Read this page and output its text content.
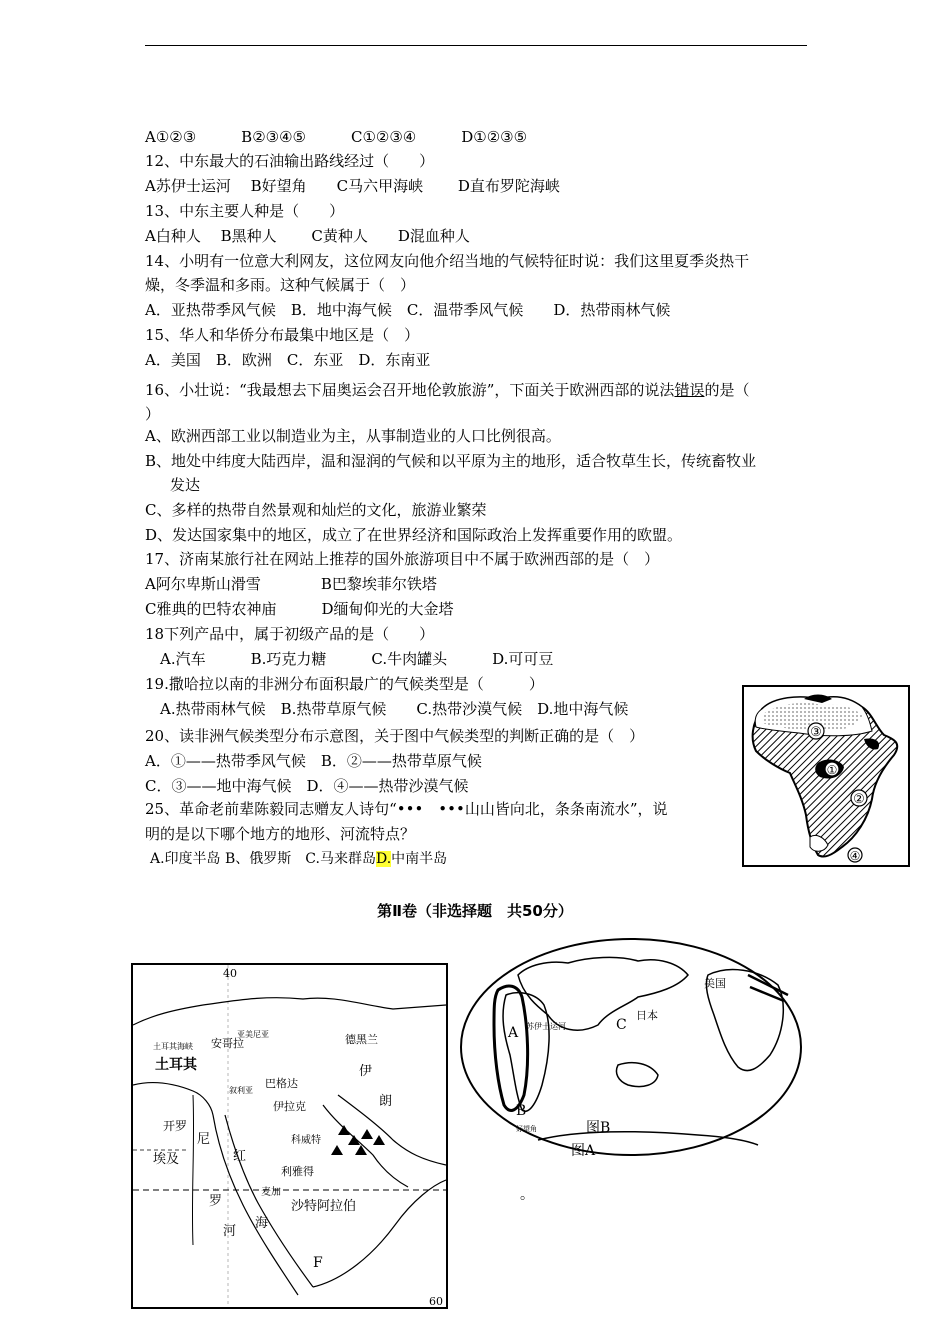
A①②③　　　B②③④⑤　　　C①②③④　　　D①②③⑤
12、中东最大的石油输出路线经过（　　）
A苏伊士运河　 B好望角　　C马六甲海峡　　 D直布罗陀海峡
13、中东主要人种是（　　）
A白种人　 B黑种人　　 C黄种人　　D混血种人
14、小明有一位意大利网友，这位网友向他介绍当地的气候特征时说：我们这里夏季炎热干
燥，冬季温和多雨。这种气候属于（　）
A．亚热带季风气候　B．地中海气候　C．温带季风气候　　D．热带雨林气候
15、华人和华侨分布最集中地区是（　）
A．美国　B．欧洲　C．东亚　D．东南亚
16、小壮说：“我最想去下届奥运会召开地伦敦旅游”，下面关于欧洲西部的说法错误的是（
）
A、欧洲西部工业以制造业为主，从事制造业的人口比例很高。
B、地处中纬度大陆西岸，温和湿润的气候和以平原为主的地形，适合牧草生长，传统畜牧业
发达
C、多样的热带自然景观和灿烂的文化，旅游业繁荣
D、发达国家集中的地区，成立了在世界经济和国际政治上发挥重要作用的欧盟。
17、济南某旅行社在网站上推荐的国外旅游项目中不属于欧洲西部的是（　）
A阿尔卑斯山滑雪　　　　B巴黎埃菲尔铁塔
C雅典的巴特农神庙　　　D缅甸仰光的大金塔
18下列产品中，属于初级产品的是（　　）
A.汽车　　　B.巧克力糖　　　C.牛肉罐头　　　D.可可豆
19.撒哈拉以南的非洲分布面积最广的气候类型是（　　　）
A.热带雨林气候　B.热带草原气候　　C.热带沙漠气候　D.地中海气候
20、读非洲气候类型分布示意图，关于图中气候类型的判断正确的是（　）
A．①——热带季风气候　B．②——热带草原气候
C．③——地中海气候　D．④——热带沙漠气候
25、革命老前辈陈毅同志赠友人诗句“•••　•••山山皆向北，条条南流水”，说
明的是以下哪个地方的地形、河流特点？
A.印度半岛 B、俄罗斯　C.马来群岛D.中南半岛
③
①
②
④
第Ⅱ卷（非选择题　共50分）
40
土耳其
安哥拉	德黑兰
巴格达
伊
朗
伊拉克
开罗
埃及
尼
罗
河
红
海
科威特
利雅得
沙特阿拉伯
麦加
F
60
土耳其海峡
亚美尼亚
叙利亚
A
B
C
苏伊士运河
日本
美国
好望角	图B
图A
。
